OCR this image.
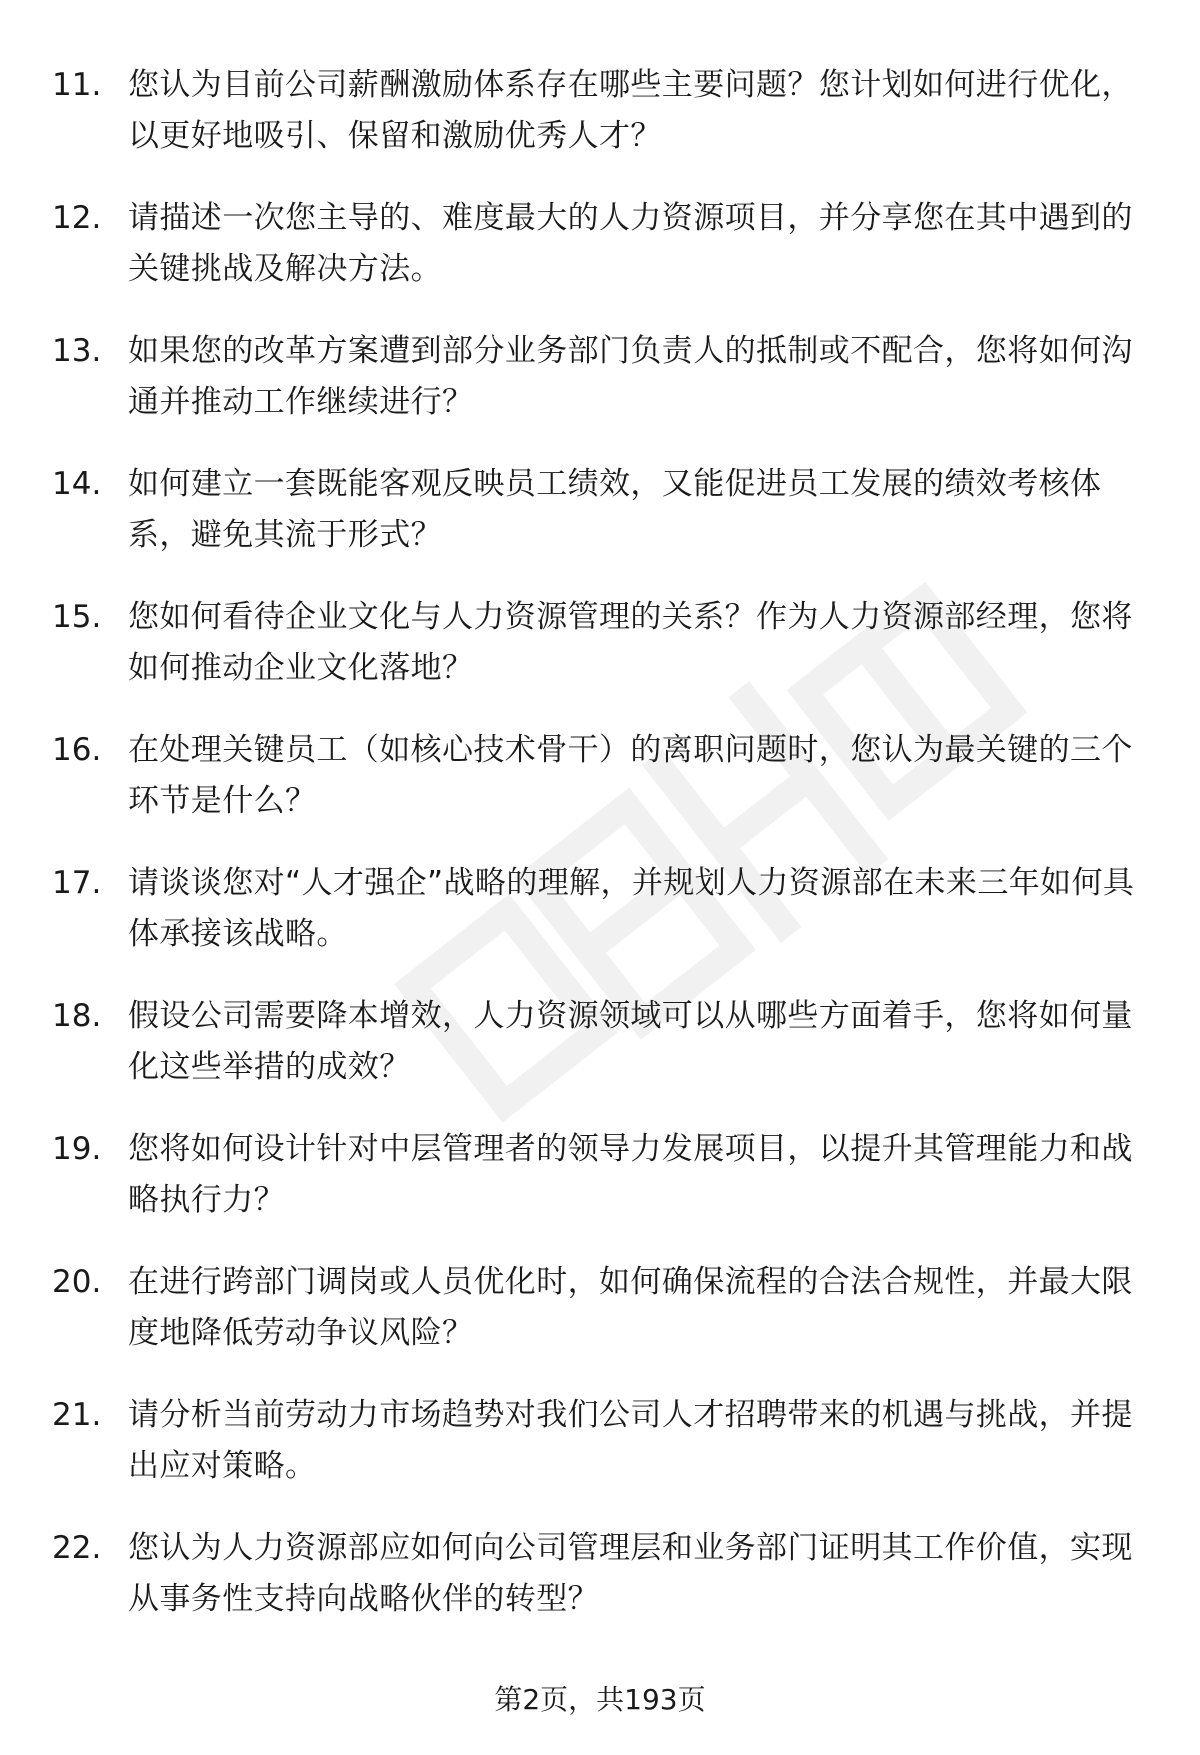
11. 您认为目前公司薪酬激励体系存在哪些主要问题？您计划如何进行优化，以更好地吸引、保留和激励优秀人才？
12. 请描述一次您主导的、难度最大的人力资源项目，并分享您在其中遇到的关键挑战及解决方法。
13. 如果您的改革方案遭到部分业务部门负责人的抵制或不配合，您将如何沟通并推动工作继续进行？
14. 如何建立一套既能客观反映员工绩效，又能促进员工发展的绩效考核体系，避免其流于形式？
15. 您如何看待企业文化与人力资源管理的关系？作为人力资源部经理，您将如何推动企业文化落地？
16. 在处理关键员工（如核心技术骨干）的离职问题时，您认为最关键的三个环节是什么？
17. 请谈谈您对“人才强企”战略的理解，并规划人力资源部在未来三年如何具体承接该战略。
18. 假设公司需要降本增效，人力资源领域可以从哪些方面着手，您将如何量化这些举措的成效？
19. 您将如何设计针对中层管理者的领导力发展项目，以提升其管理能力和战略执行力？
20. 在进行跨部门调岗或人员优化时，如何确保流程的合法合规性，并最大限度地降低劳动争议风险？
21. 请分析当前劳动力市场趋势对我们公司人才招聘带来的机遇与挑战，并提出应对策略。
22. 您认为人力资源部应如何向公司管理层和业务部门证明其工作价值，实现从事务性支持向战略伙伴的转型？
第2页，共193页
